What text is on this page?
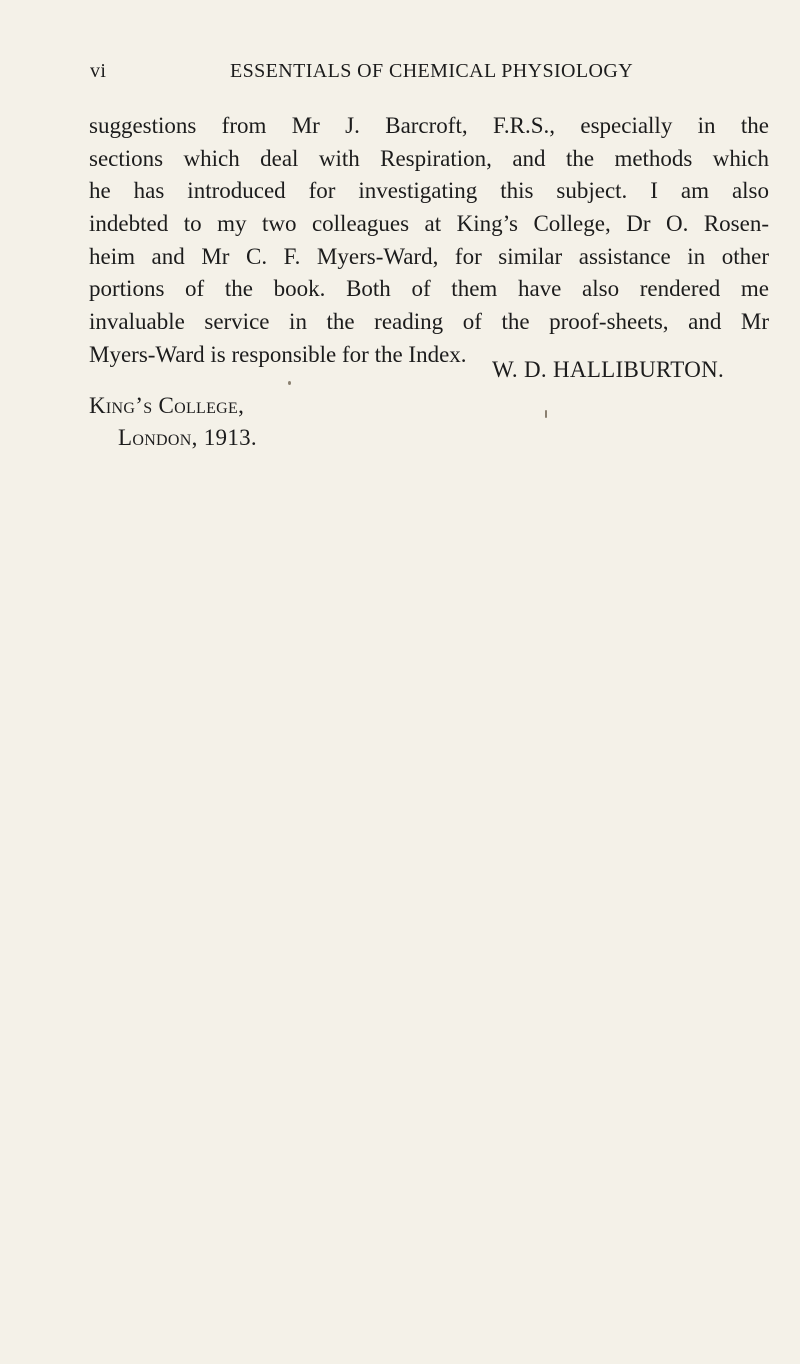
vi	ESSENTIALS OF CHEMICAL PHYSIOLOGY
suggestions from Mr J. Barcroft, F.R.S., especially in the
sections which deal with Respiration, and the methods which
he has introduced for investigating this subject. I am also
indebted to my two colleagues at King’s College, Dr O. Rosen-
heim and Mr C. F. Myers-Ward, for similar assistance in other
portions of the book. Both of them have also rendered me
invaluable service in the reading of the proof-sheets, and Mr
Myers-Ward is responsible for the Index.
W. D. HALLIBURTON.
King’s College,
London, 1913.
